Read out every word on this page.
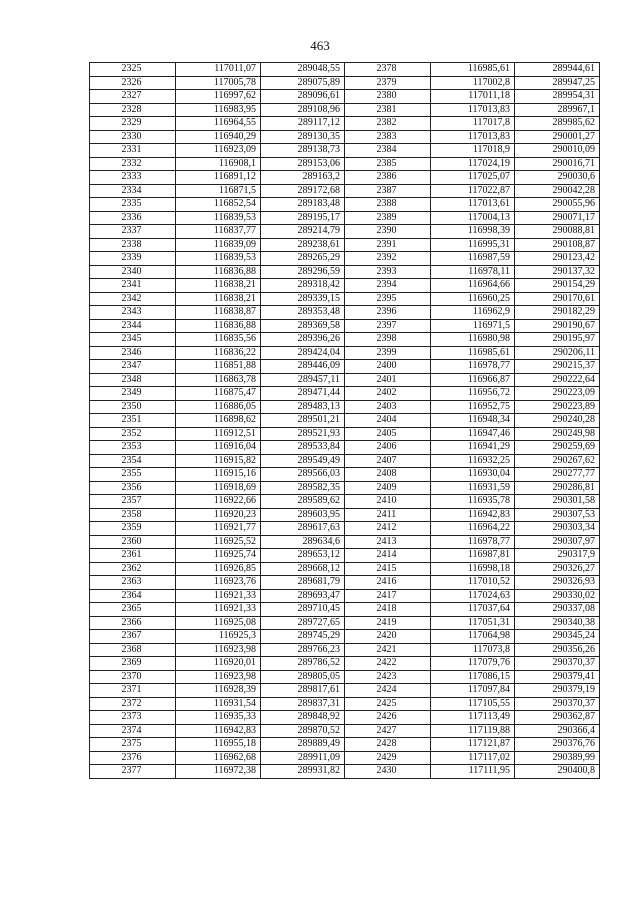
463
2325	117011,07	289048,55	2378	116985,61	289944,61
2326	117005,78	289075,89	2379	117002,8	289947,25
2327	116997,62	289096,61	2380	117011,18	289954,31
2328	116983,95	289108,96	2381	117013,83	289967,1
2329	116964,55	289117,12	2382	117017,8	289985,62
2330	116940,29	289130,35	2383	117013,83	290001,27
2331	116923,09	289138,73	2384	117018,9	290010,09
2332	116908,1	289153,06	2385	117024,19	290016,71
2333	116891,12	289163,2	2386	117025,07	290030,6
2334	116871,5	289172,68	2387	117022,87	290042,28
2335	116852,54	289183,48	2388	117013,61	290055,96
2336	116839,53	289195,17	2389	117004,13	290071,17
2337	116837,77	289214,79	2390	116998,39	290088,81
2338	116839,09	289238,61	2391	116995,31	290108,87
2339	116839,53	289265,29	2392	116987,59	290123,42
2340	116836,88	289296,59	2393	116978,11	290137,32
2341	116838,21	289318,42	2394	116964,66	290154,29
2342	116838,21	289339,15	2395	116960,25	290170,61
2343	116838,87	289353,48	2396	116962,9	290182,29
2344	116836,88	289369,58	2397	116971,5	290190,67
2345	116835,56	289396,26	2398	116980,98	290195,97
2346	116836,22	289424,04	2399	116985,61	290206,11
2347	116851,88	289446,09	2400	116978,77	290215,37
2348	116863,78	289457,11	2401	116966,87	290222,64
2349	116875,47	289471,44	2402	116956,72	290223,09
2350	116886,05	289483,13	2403	116952,75	290223,89
2351	116898,62	289501,21	2404	116948,34	290240,28
2352	116912,51	289521,93	2405	116947,46	290249,98
2353	116916,04	289533,84	2406	116941,29	290259,69
2354	116915,82	289549,49	2407	116932,25	290267,62
2355	116915,16	289566,03	2408	116930,04	290277,77
2356	116918,69	289582,35	2409	116931,59	290286,81
2357	116922,66	289589,62	2410	116935,78	290301,58
2358	116920,23	289603,95	2411	116942,83	290307,53
2359	116921,77	289617,63	2412	116964,22	290303,34
2360	116925,52	289634,6	2413	116978,77	290307,97
2361	116925,74	289653,12	2414	116987,81	290317,9
2362	116926,85	289668,12	2415	116998,18	290326,27
2363	116923,76	289681,79	2416	117010,52	290326,93
2364	116921,33	289693,47	2417	117024,63	290330,02
2365	116921,33	289710,45	2418	117037,64	290337,08
2366	116925,08	289727,65	2419	117051,31	290340,38
2367	116925,3	289745,29	2420	117064,98	290345,24
2368	116923,98	289766,23	2421	117073,8	290356,26
2369	116920,01	289786,52	2422	117079,76	290370,37
2370	116923,98	289805,05	2423	117086,15	290379,41
2371	116928,39	289817,61	2424	117097,84	290379,19
2372	116931,54	289837,31	2425	117105,55	290370,37
2373	116935,33	289848,92	2426	117113,49	290362,87
2374	116942,83	289870,52	2427	117119,88	290366,4
2375	116955,18	289889,49	2428	117121,87	290376,76
2376	116962,68	289911,09	2429	117117,02	290389,99
2377	116972,38	289931,82	2430	117111,95	290400,8
